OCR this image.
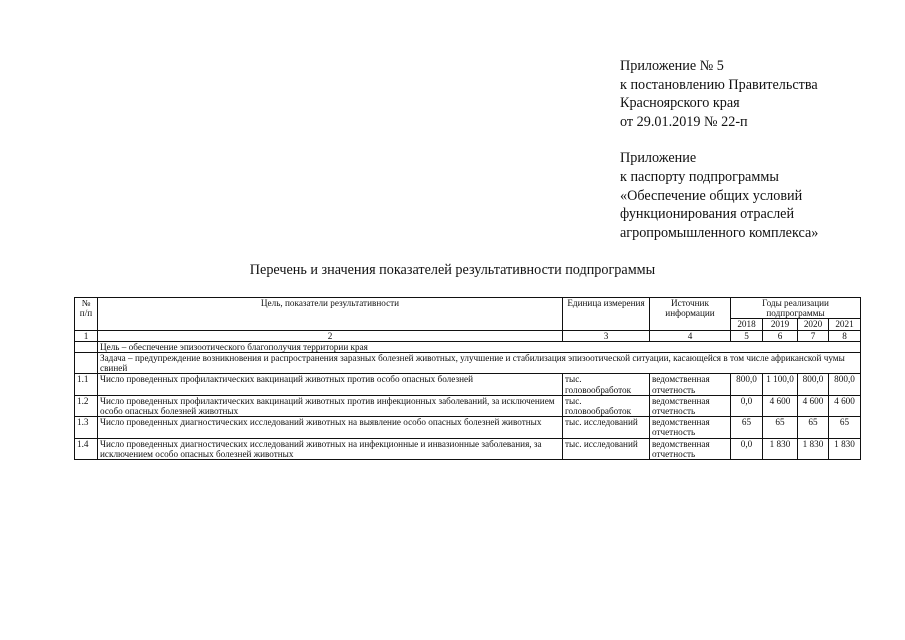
Приложение № 5
к постановлению Правительства
Красноярского края
от 29.01.2019 № 22-п
Приложение
к паспорту подпрограммы
«Обеспечение общих условий
функционирования отраслей
агропромышленного комплекса»
Перечень и значения показателей результативности подпрограммы
№ п/п	Цель, показатели результативности	Единица измерения	Источник информации	Годы реализации подпрограммы			
				2018	2019	2020	2021
1	2	3	4	5	6	7	8
	Цель – обеспечение эпизоотического благополучия территории края						
	Задача – предупреждение возникновения и распространения заразных болезней животных, улучшение и стабилизация эпизоотической ситуации, касающейся в том числе африканской чумы свиней						
1.1	Число проведенных профилактических вакцинаций животных против особо опасных болезней	тыс. головообработок	ведомственная отчетность	800,0	1 100,0	800,0	800,0
1.2	Число проведенных профилактических вакцинаций животных против инфекционных заболеваний, за исключением особо опасных болезней животных	тыс. головообработок	ведомственная отчетность	0,0	4 600	4 600	4 600
1.3	Число проведенных диагностических исследований животных на выявление особо опасных болезней животных	тыс. исследований	ведомственная отчетность	65	65	65	65
1.4	Число проведенных диагностических исследований животных на инфекционные и инвазионные заболевания, за исключением особо опасных болезней животных	тыс. исследований	ведомственная отчетность	0,0	1 830	1 830	1 830
